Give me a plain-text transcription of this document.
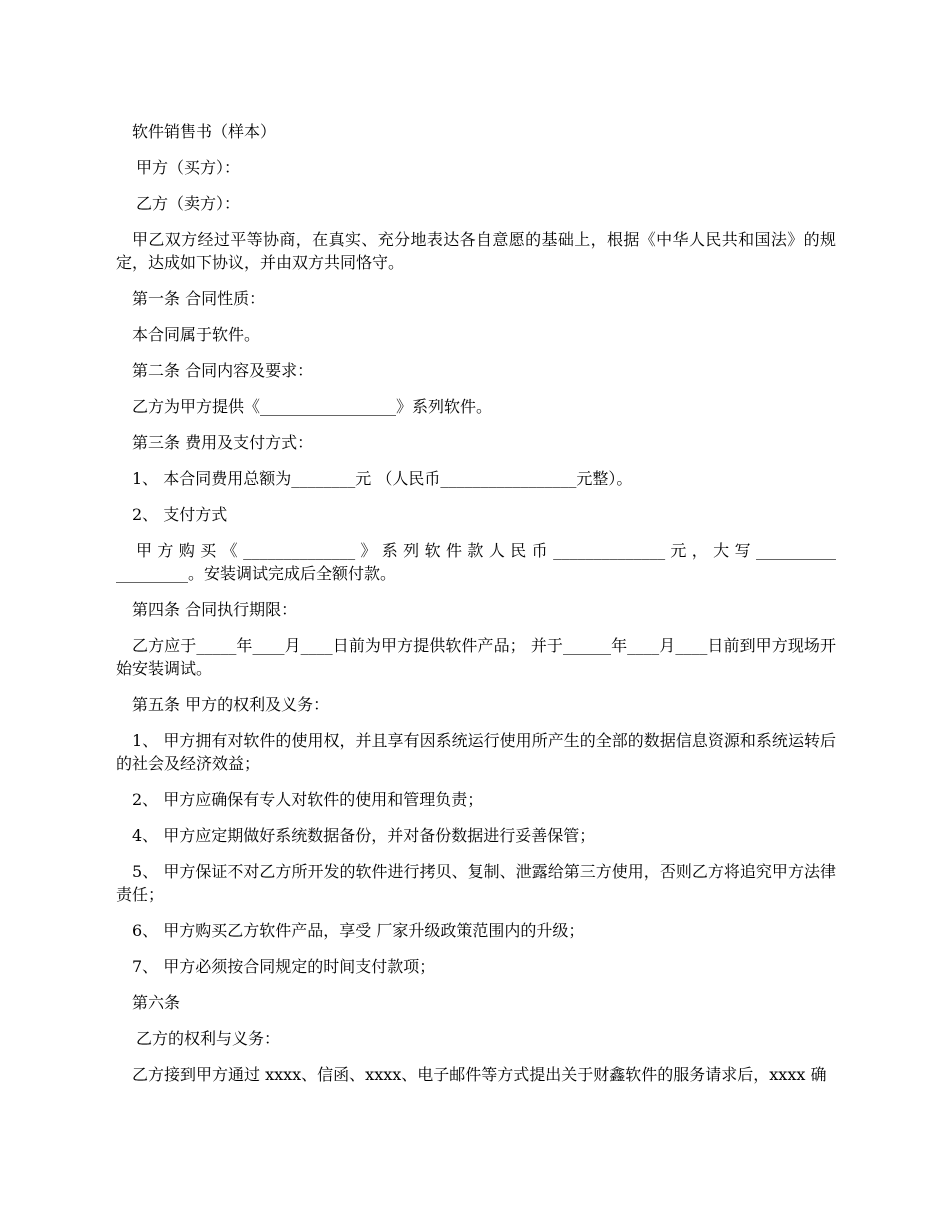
软件销售书（样本）

甲方（买方）：

乙方（卖方）：

甲乙双方经过平等协商，在真实、充分地表达各自意愿的基础上，根据《中华人民共和国法》的规定，达成如下协议，并由双方共同恪守。

第一条 合同性质：

本合同属于软件。

第二条 合同内容及要求：

乙方为甲方提供《_________________》系列软件。

第三条 费用及支付方式：

1、 本合同费用总额为________元 （人民币_________________元整）。

2、 支付方式

甲 方 购 买 《 ______________ 》 系 列 软 件 款 人 民 币 ______________ 元 ， 大 写 ___________________。安装调试完成后全额付款。

第四条 合同执行期限：

乙方应于_____年____月____日前为甲方提供软件产品； 并于______年____月____日前到甲方现场开始安装调试。

第五条 甲方的权利及义务：

1、 甲方拥有对软件的使用权，并且享有因系统运行使用所产生的全部的数据信息资源和系统运转后的社会及经济效益；

2、 甲方应确保有专人对软件的使用和管理负责；

4、 甲方应定期做好系统数据备份，并对备份数据进行妥善保管；

5、 甲方保证不对乙方所开发的软件进行拷贝、复制、泄露给第三方使用，否则乙方将追究甲方法律责任；

6、 甲方购买乙方软件产品，享受 厂家升级政策范围内的升级；

7、 甲方必须按合同规定的时间支付款项；

第六条

乙方的权利与义务：

乙方接到甲方通过 xxxx、信函、xxxx、电子邮件等方式提出关于财鑫软件的服务请求后，xxxx 确
